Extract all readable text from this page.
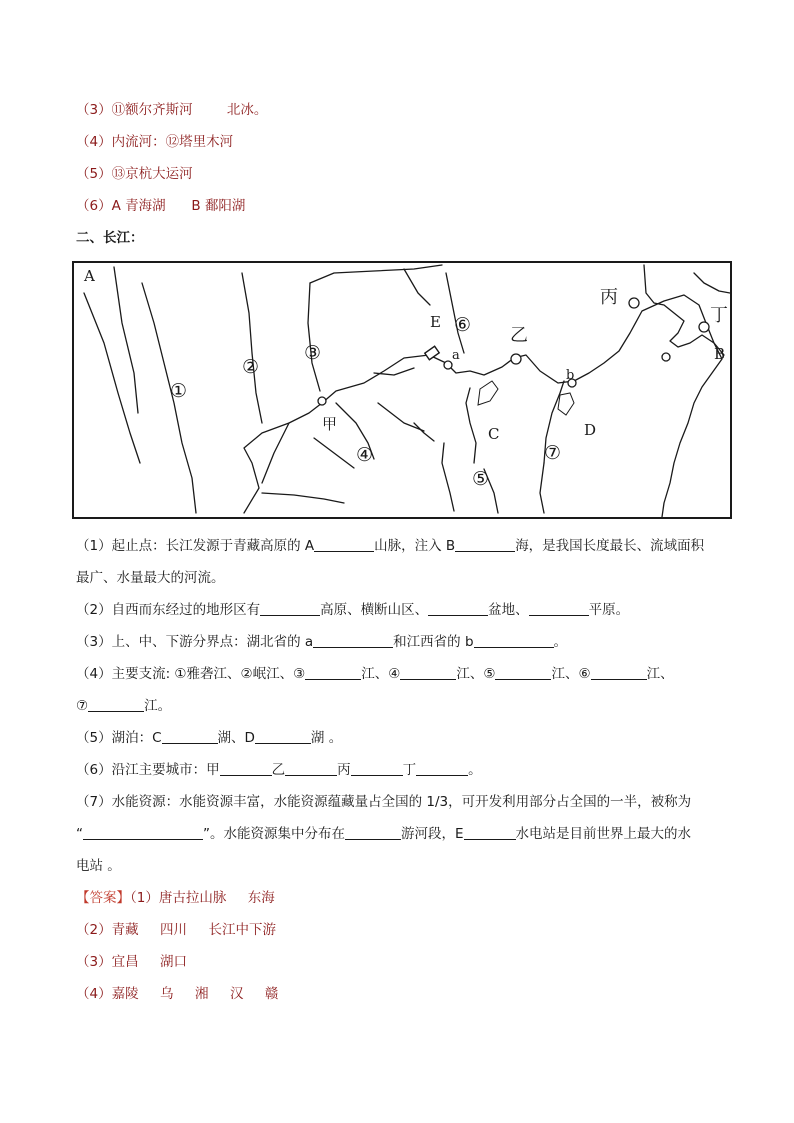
（3）⑪额尔齐斯河        北冰。
（4）内流河：⑫塔里木河
（5）⑬京杭大运河
（6）A 青海湖      B 鄱阳湖
二、长江：
A
B
E
a
b
C	D
甲
乙
丙
丁
①
②
③
④
⑤
⑥
⑦
（1）起止点：长江发源于青藏高原的 A	山脉，注入 B	海，是我国长度最长、流域面积
最广、水量最大的河流。
（2）自西而东经过的地形区有	高原、横断山区、	盆地、	平原。
（3）上、中、下游分界点：湖北省的 a	和江西省的 b	。
（4）主要支流: ①雅砻江、②岷江、③	江、④	江、⑤	江、⑥	江、
⑦	江。
（5）湖泊：C	湖、D	湖 。
（6）沿江主要城市：甲	乙	丙	丁	。
（7）水能资源：水能资源丰富，水能资源蕴藏量占全国的 1/3，可开发利用部分占全国的一半，被称为
“	”。水能资源集中分布在	游河段，E	水电站是目前世界上最大的水
电站 。
【答案】（1）唐古拉山脉     东海
（2）青藏     四川     长江中下游
（3）宜昌     湖口
（4）嘉陵     乌     湘     汉     赣
